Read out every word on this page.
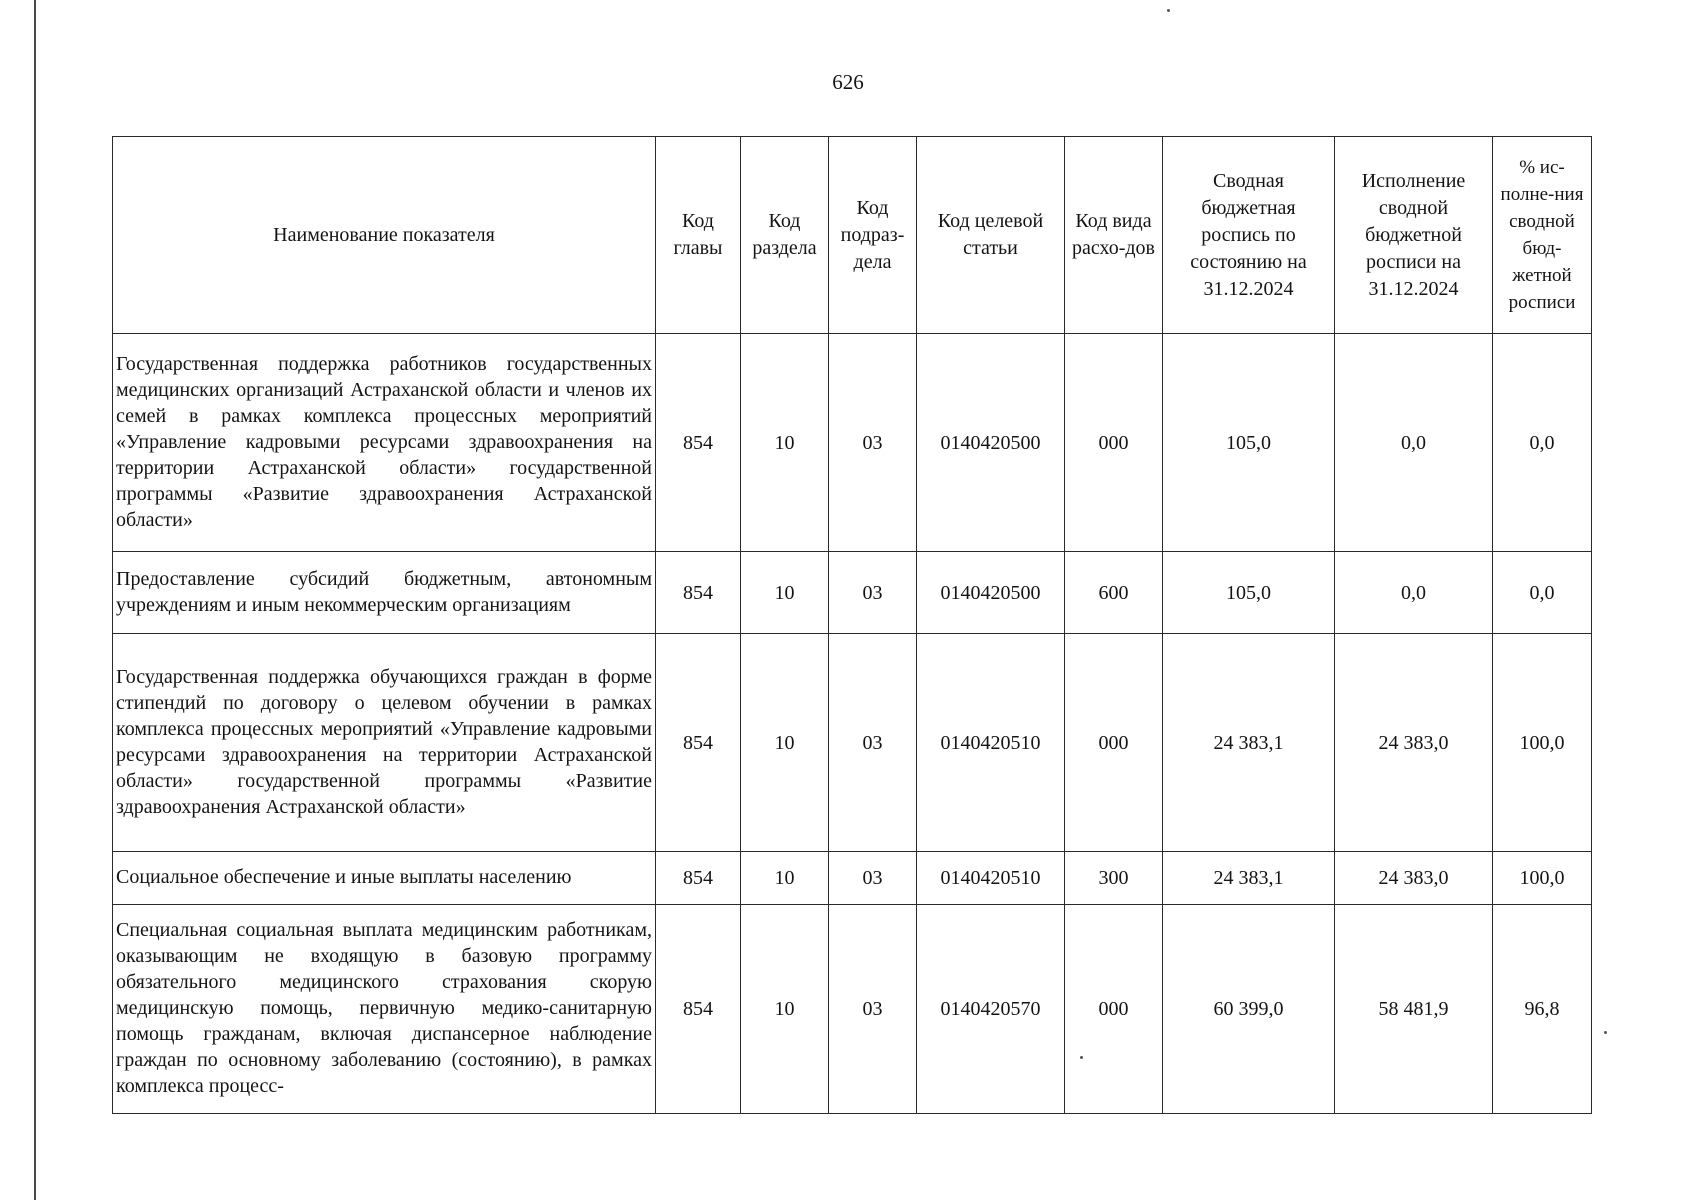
626
Наименование показателя	Код главы	Код раздела	Код подраз-дела	Код целевой статьи	Код вида расхо-дов	Сводная бюджетная роспись по состоянию на 31.12.2024	Исполнение сводной бюджетной росписи на 31.12.2024	% ис-полне-ния сводной бюд-жетной росписи
Государственная поддержка работников государственных медицинских организаций Астраханской области и членов их семей в рамках комплекса процессных мероприятий «Управление кадровыми ресурсами здравоохранения на территории Астраханской области» государственной программы «Развитие здравоохранения Астраханской области»	854	10	03	0140420500	000	105,0	0,0	0,0
Предоставление субсидий бюджетным, автономным учреждениям и иным некоммерческим организациям	854	10	03	0140420500	600	105,0	0,0	0,0
Государственная поддержка обучающихся граждан в форме стипендий по договору о целевом обучении в рамках комплекса процессных мероприятий «Управление кадровыми ресурсами здравоохранения на территории Астраханской области» государственной программы «Развитие здравоохранения Астраханской области»	854	10	03	0140420510	000	24 383,1	24 383,0	100,0
Социальное обеспечение и иные выплаты населению	854	10	03	0140420510	300	24 383,1	24 383,0	100,0
Специальная социальная выплата медицинским работникам, оказывающим не входящую в базовую программу обязательного медицинского страхования скорую медицинскую помощь, первичную медико-санитарную помощь гражданам, включая диспансерное наблюдение граждан по основному заболеванию (состоянию), в рамках комплекса процесс-	854	10	03	0140420570	000	60 399,0	58 481,9	96,8
